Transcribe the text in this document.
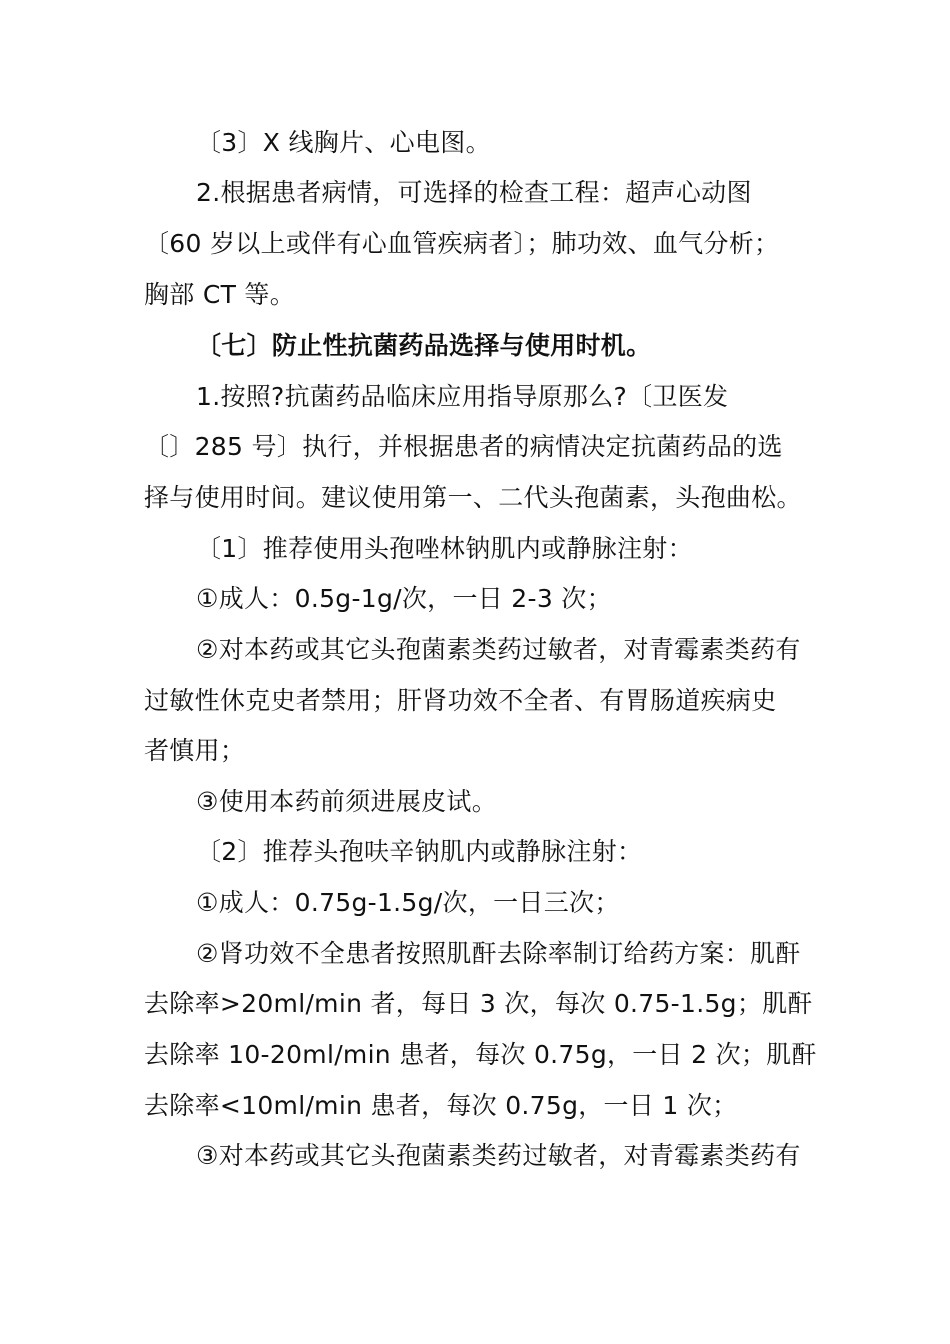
〔3〕X 线胸片、心电图。
2.根据患者病情，可选择的检查工程：超声心动图
〔60 岁以上或伴有心血管疾病者〕；肺功效、血气分析；
胸部 CT 等。
〔七〕防止性抗菌药品选择与使用时机。
1.按照?抗菌药品临床应用指导原那么?〔卫医发
〔〕285 号〕执行，并根据患者的病情决定抗菌药品的选
择与使用时间。建议使用第一、二代头孢菌素，头孢曲松。
〔1〕推荐使用头孢唑林钠肌内或静脉注射：
①成人：0.5g-1g/次，一日 2-3 次；
②对本药或其它头孢菌素类药过敏者，对青霉素类药有
过敏性休克史者禁用；肝肾功效不全者、有胃肠道疾病史
者慎用；
③使用本药前须进展皮试。
〔2〕推荐头孢呋辛钠肌内或静脉注射：
①成人：0.75g-1.5g/次，一日三次；
②肾功效不全患者按照肌酐去除率制订给药方案：肌酐
去除率>20ml/min 者，每日 3 次，每次 0.75-1.5g；肌酐
去除率 10-20ml/min 患者，每次 0.75g，一日 2 次；肌酐
去除率<10ml/min 患者，每次 0.75g，一日 1 次；
③对本药或其它头孢菌素类药过敏者，对青霉素类药有
